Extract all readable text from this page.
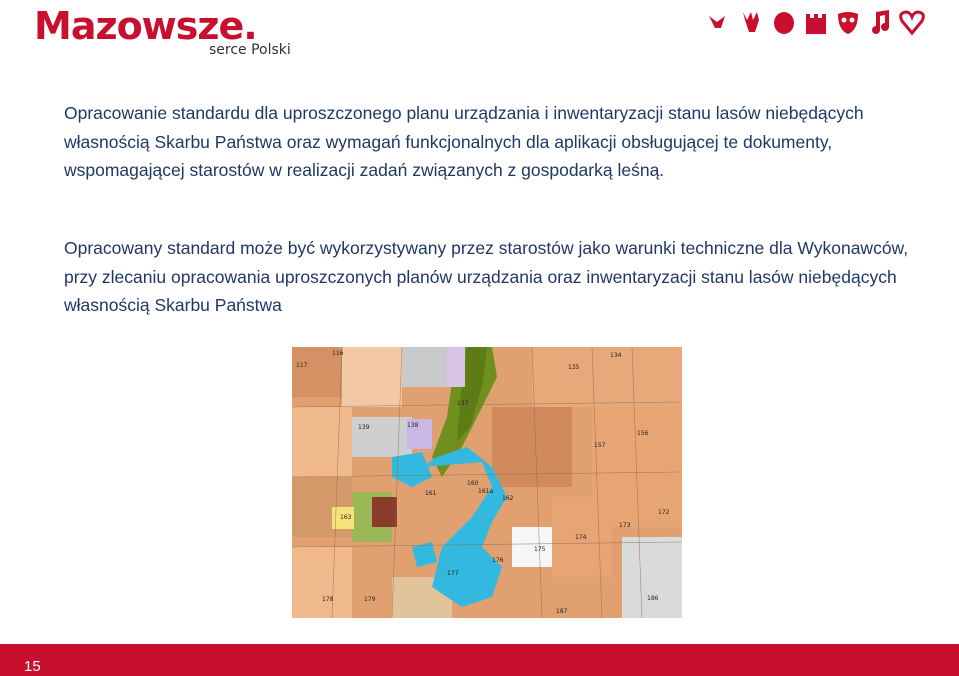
Mazowsze.
serce Polski
Opracowanie standardu dla uproszczonego planu urządzania i inwentaryzacji stanu lasów niebędących własnością Skarbu Państwa oraz wymagań funkcjonalnych dla aplikacji obsługującej te dokumenty, wspomagającej starostów w realizacji zadań związanych z gospodarką leśną.
Opracowany standard może być wykorzystywany przez starostów jako warunki techniczne dla Wykonawców, przy zlecaniu opracowania uproszczonych planów urządzania oraz inwentaryzacji stanu lasów niebędących własnością Skarbu Państwa
116
117
134
135
156
157
137
139	138
161
160
161a
162
163
172
173
174
175
176
177
178	179	186
187
15
